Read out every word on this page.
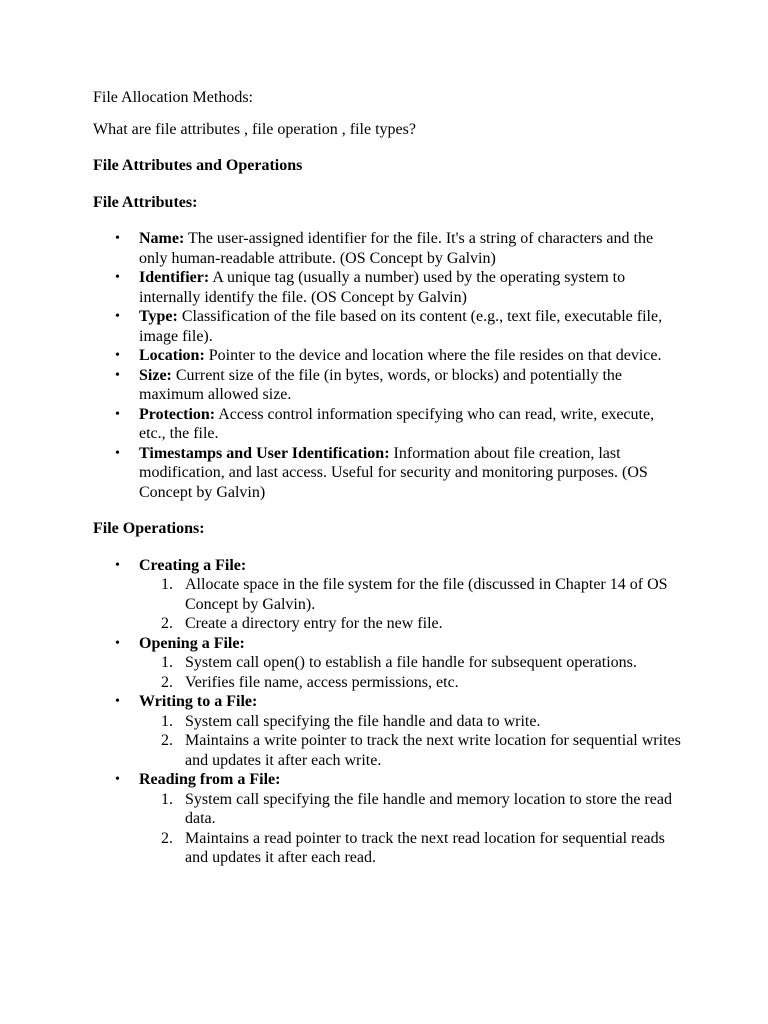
File Allocation Methods:

What are file attributes , file operation , file types?

File Attributes and Operations

File Attributes:

• Name: The user-assigned identifier for the file. It's a string of characters and the only human-readable attribute. (OS Concept by Galvin)
• Identifier: A unique tag (usually a number) used by the operating system to internally identify the file. (OS Concept by Galvin)
• Type: Classification of the file based on its content (e.g., text file, executable file, image file).
• Location: Pointer to the device and location where the file resides on that device.
• Size: Current size of the file (in bytes, words, or blocks) and potentially the maximum allowed size.
• Protection: Access control information specifying who can read, write, execute, etc., the file.
• Timestamps and User Identification: Information about file creation, last modification, and last access. Useful for security and monitoring purposes. (OS Concept by Galvin)

File Operations:

• Creating a File:
1. Allocate space in the file system for the file (discussed in Chapter 14 of OS Concept by Galvin).
2. Create a directory entry for the new file.
• Opening a File:
1. System call open() to establish a file handle for subsequent operations.
2. Verifies file name, access permissions, etc.
• Writing to a File:
1. System call specifying the file handle and data to write.
2. Maintains a write pointer to track the next write location for sequential writes and updates it after each write.
• Reading from a File:
1. System call specifying the file handle and memory location to store the read data.
2. Maintains a read pointer to track the next read location for sequential reads and updates it after each read.
